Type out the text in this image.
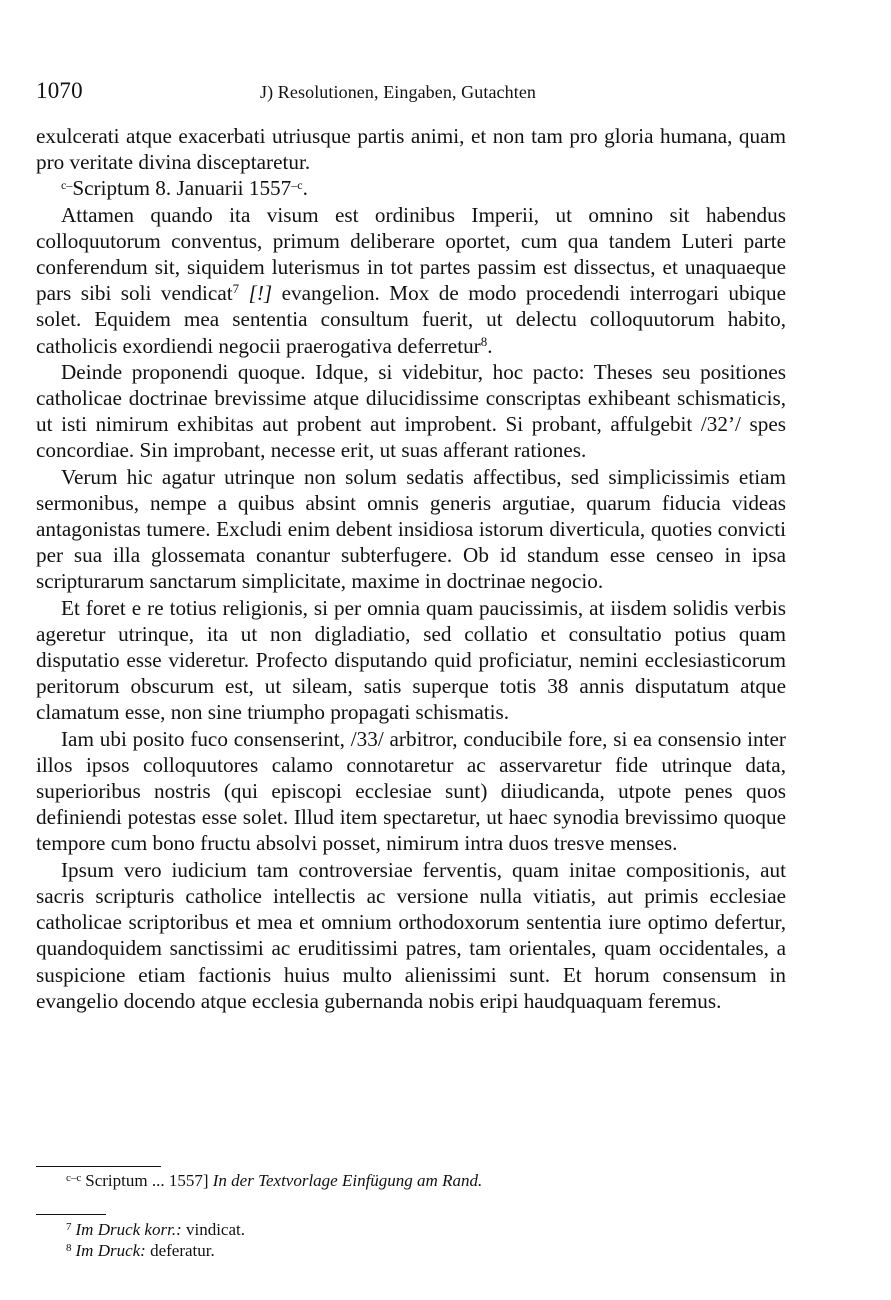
1070	J) Resolutionen, Eingaben, Gutachten

exulcerati atque exacerbati utriusque partis animi, et non tam pro gloria humana, quam pro veritate divina disceptaretur.

$^{c-}$Scriptum 8. Januarii $1557^{-c}$.

Attamen quando ita visum est ordinibus Imperii, ut omnino sit habendus colloquutorum conventus, primum deliberare oportet, cum qua tandem Luteri parte conferendum sit, siquidem luterismus in tot partes passim est dissectus, et unaquaeque pars sibi soli vendicat$^7$ [!] evangelion. Mox de modo procedendi interrogari ubique solet. Equidem mea sententia consultum fuerit, ut delectu colloquutorum habito, catholicis exordiendi negocii praerogativa deferretur$^8$.

Deinde proponendi quoque. Idque, si videbitur, hoc pacto: Theses seu positiones catholicae doctrinae brevissime atque dilucidissime conscriptas exhibeant schismaticis, ut isti nimirum exhibitas aut probent aut improbent. Si probant, affulgebit /32’/ spes concordiae. Sin improbant, necesse erit, ut suas afferant rationes.

Verum hic agatur utrinque non solum sedatis affectibus, sed simplicissimis etiam sermonibus, nempe a quibus absint omnis generis argutiae, quarum fiducia videas antagonistas tumere. Excludi enim debent insidiosa istorum diverticula, quoties convicti per sua illa glossemata conantur subterfugere. Ob id standum esse censeo in ipsa scripturarum sanctarum simplicitate, maxime in doctrinae negocio.

Et foret e re totius religionis, si per omnia quam paucissimis, at iisdem solidis verbis ageretur utrinque, ita ut non digladiatio, sed collatio et consultatio potius quam disputatio esse videretur. Profecto disputando quid proficiatur, nemini ecclesiasticorum peritorum obscurum est, ut sileam, satis superque totis 38 annis disputatum atque clamatum esse, non sine triumpho propagati schismatis.

Iam ubi posito fuco consenserint, /33/ arbitror, conducibile fore, si ea consensio inter illos ipsos colloquutores calamo connotaretur ac asservaretur fide utrinque data, superioribus nostris (qui episcopi ecclesiae sunt) diiudicanda, utpote penes quos definiendi potestas esse solet. Illud item spectaretur, ut haec synodia brevissimo quoque tempore cum bono fructu absolvi posset, nimirum intra duos tresve menses.

Ipsum vero iudicium tam controversiae ferventis, quam initae compositionis, aut sacris scripturis catholice intellectis ac versione nulla vitiatis, aut primis ecclesiae catholicae scriptoribus et mea et omnium orthodoxorum sententia iure optimo defertur, quandoquidem sanctissimi ac eruditissimi patres, tam orientales, quam occidentales, a suspicione etiam factionis huius multo alienissimi sunt. Et horum consensum in evangelio docendo atque ecclesia gubernanda nobis eripi haudquaquam feremus.

$^{c-c}$ Scriptum ... 1557] In der Textvorlage Einfügung am Rand.
$^7$ Im Druck korr.: vindicat.
$^8$ Im Druck: deferatur.
